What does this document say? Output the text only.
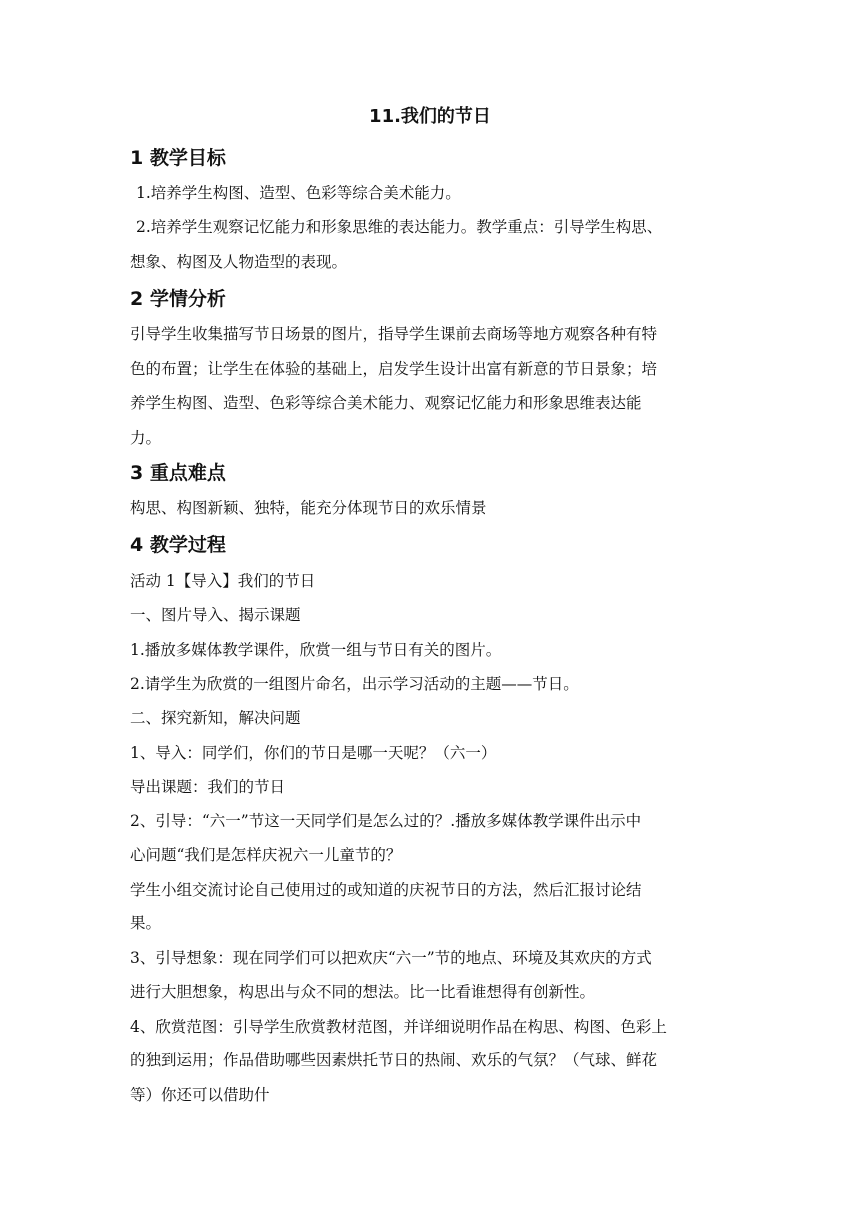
11.我们的节日
1 教学目标
1.培养学生构图、造型、色彩等综合美术能力。
2.培养学生观察记忆能力和形象思维的表达能力。教学重点：引导学生构思、
想象、构图及人物造型的表现。
2 学情分析
引导学生收集描写节日场景的图片，指导学生课前去商场等地方观察各种有特
色的布置；让学生在体验的基础上，启发学生设计出富有新意的节日景象；培
养学生构图、造型、色彩等综合美术能力、观察记忆能力和形象思维表达能
力。
3 重点难点
构思、构图新颖、独特，能充分体现节日的欢乐情景
4 教学过程
活动 1【导入】我们的节日
一、图片导入、揭示课题
1.播放多媒体教学课件，欣赏一组与节日有关的图片。
2.请学生为欣赏的一组图片命名，出示学习活动的主题——节日。
二、探究新知，解决问题
1、导入：同学们，你们的节日是哪一天呢？（六一）
导出课题：我们的节日
2、引导：“六一”节这一天同学们是怎么过的？.播放多媒体教学课件出示中
心问题“我们是怎样庆祝六一儿童节的？
学生小组交流讨论自己使用过的或知道的庆祝节日的方法，然后汇报讨论结
果。
3、引导想象：现在同学们可以把欢庆“六一”节的地点、环境及其欢庆的方式
进行大胆想象，构思出与众不同的想法。比一比看谁想得有创新性。
4、欣赏范图：引导学生欣赏教材范图，并详细说明作品在构思、构图、色彩上
的独到运用；作品借助哪些因素烘托节日的热闹、欢乐的气氛？（气球、鲜花
等）你还可以借助什
